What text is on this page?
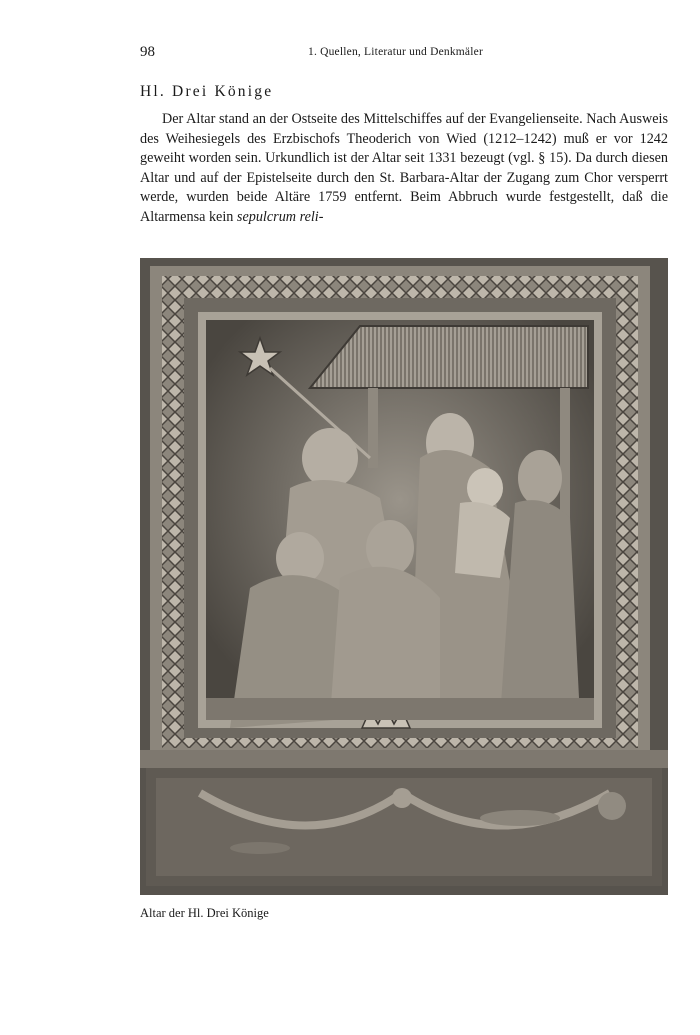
98	1. Quellen, Literatur und Denkmäler
Hl. Drei Könige

Der Altar stand an der Ostseite des Mittelschiffes auf der Evangelienseite. Nach Ausweis des Weihesiegels des Erzbischofs Theoderich von Wied (1212–1242) muß er vor 1242 geweiht worden sein. Urkundlich ist der Altar seit 1331 bezeugt (vgl. § 15). Da durch diesen Altar und auf der Epistelseite durch den St. Barbara-Altar der Zugang zum Chor versperrt werde, wurden beide Altäre 1759 entfernt. Beim Abbruch wurde festgestellt, daß die Altarmensa kein sepulcrum reli-

Altar der Hl. Drei Könige
